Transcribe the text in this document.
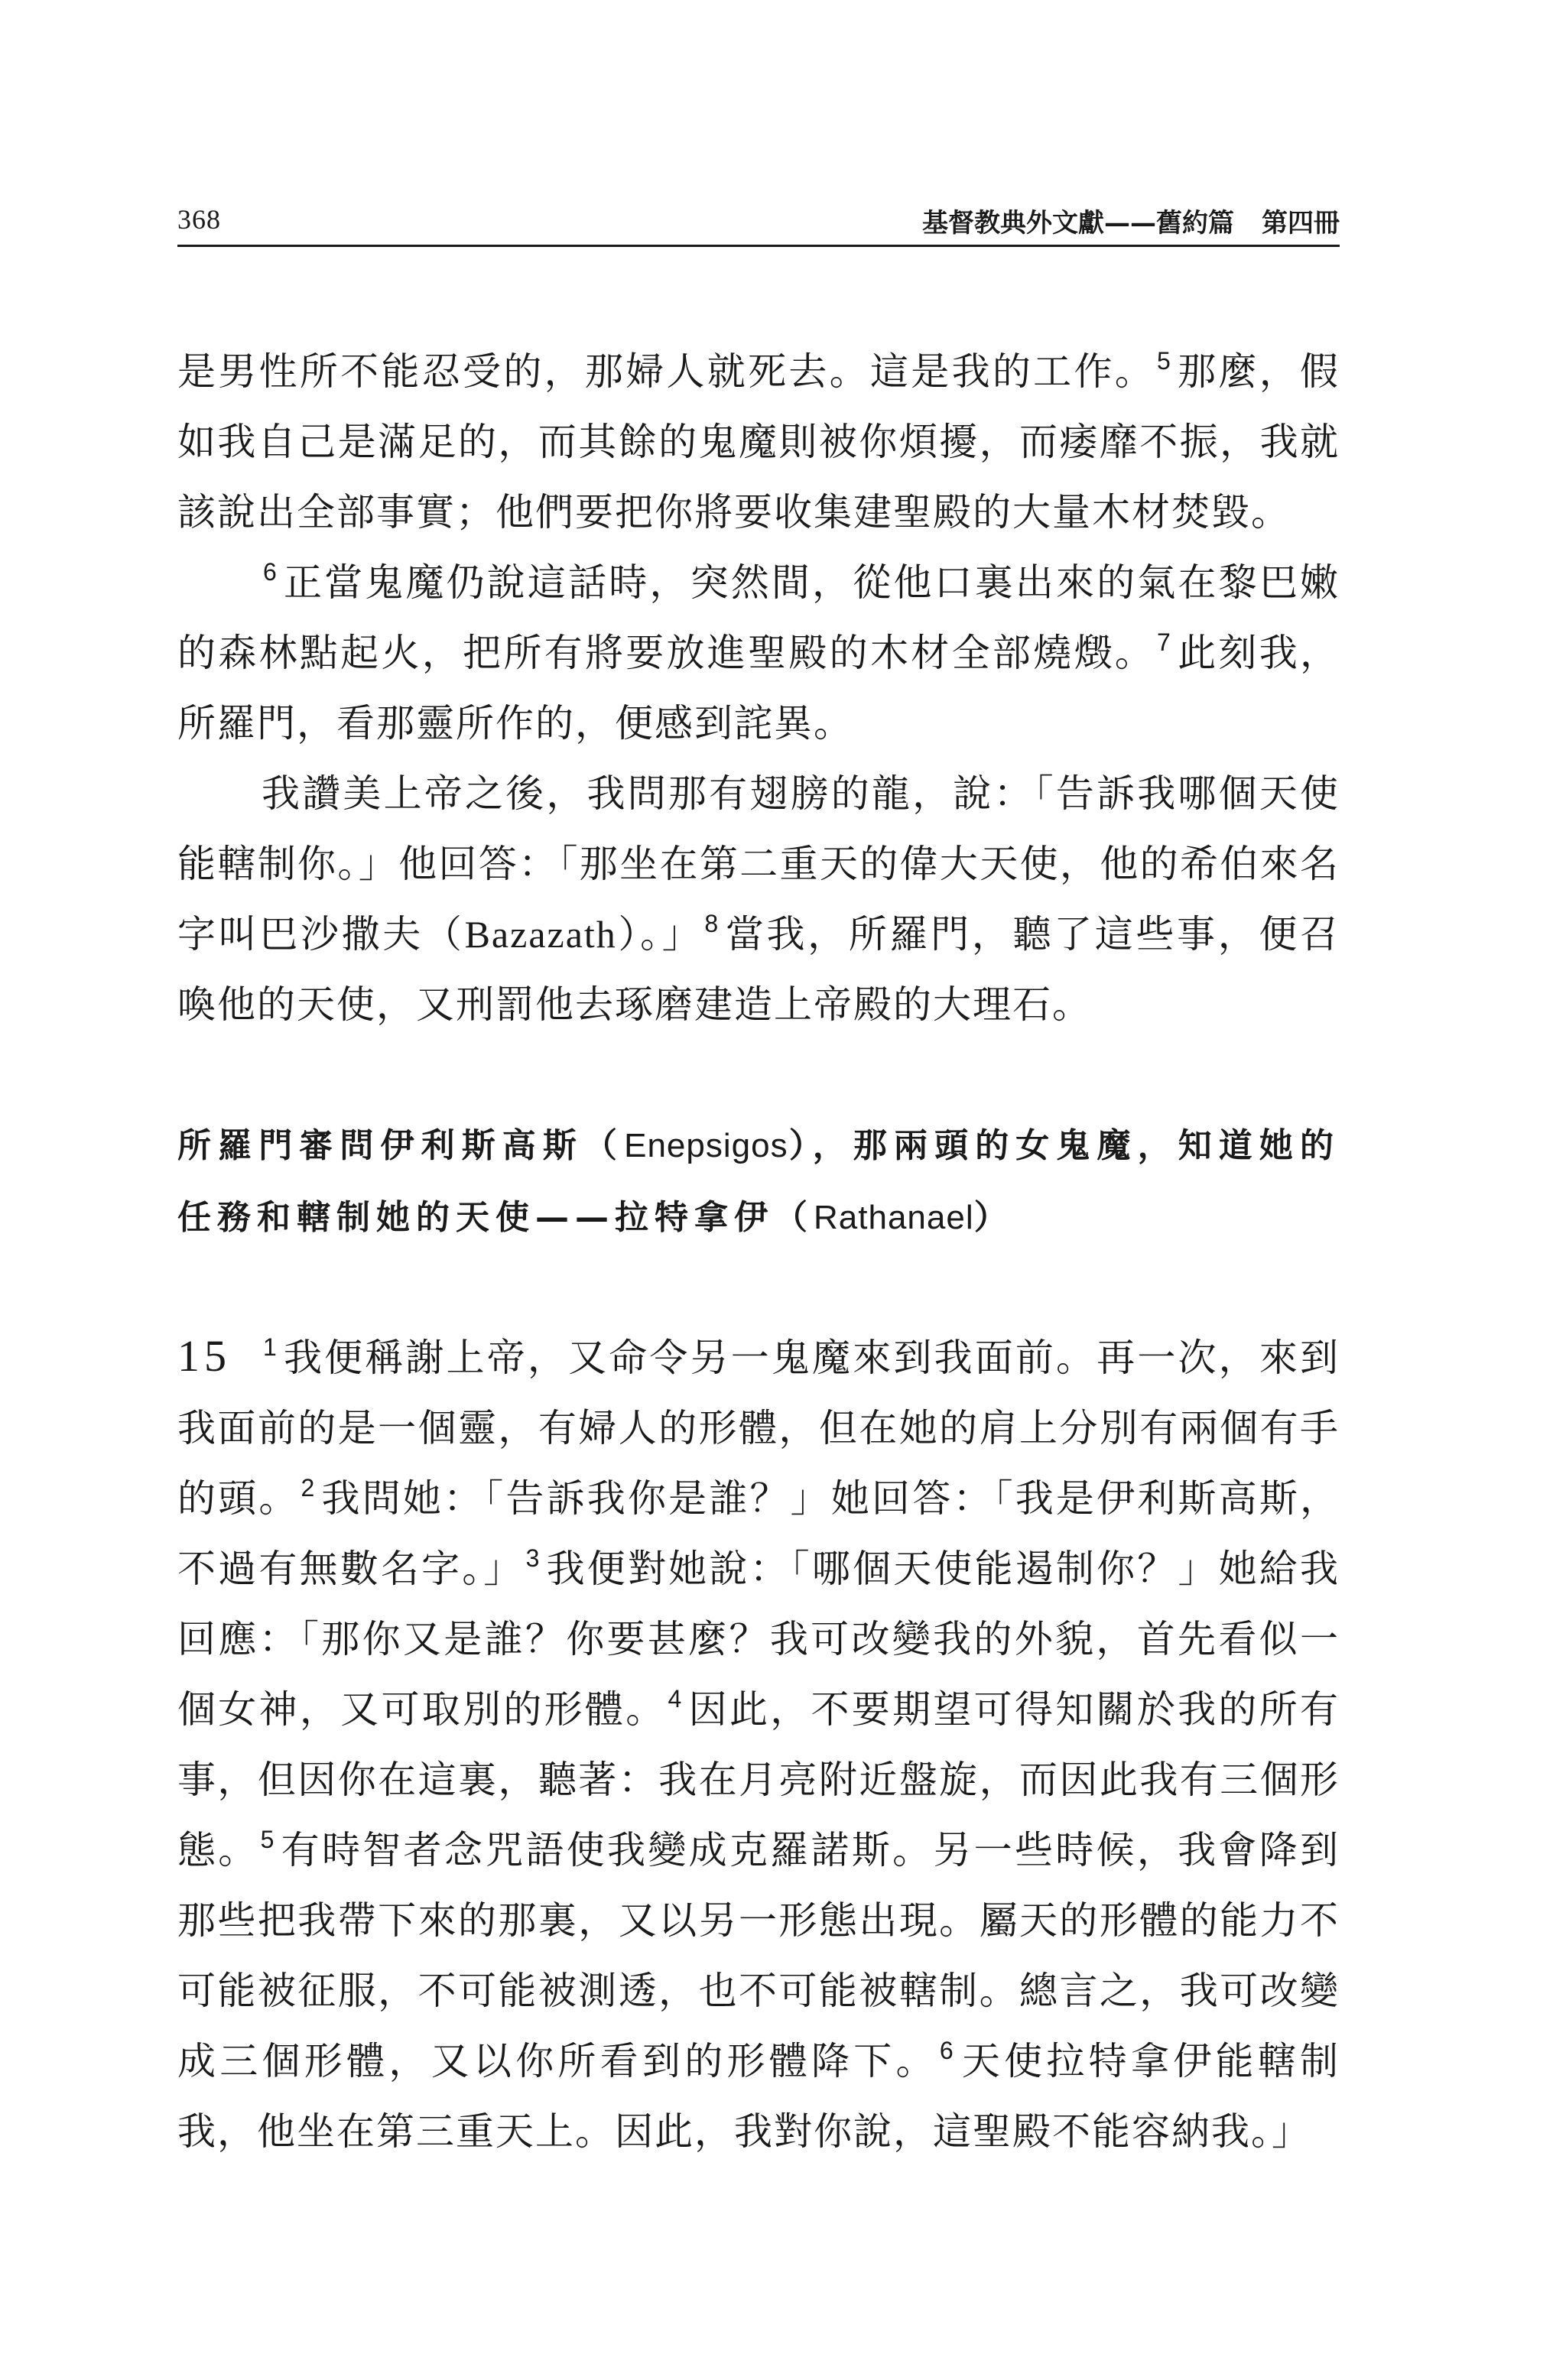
368	基督教典外文獻——舊約篇 第四冊

是男性所不能忍受的，那婦人就死去。這是我的工作。$^5$ 那麼，假如我自己是滿足的，而其餘的鬼魔則被你煩擾，而痿靡不振，我就該說出全部事實；他們要把你將要收集建聖殿的大量木材焚毀。

$^6$ 正當鬼魔仍說這話時，突然間，從他口裏出來的氣在黎巴嫩的森林點起火，把所有將要放進聖殿的木材全部燒燬。$^7$ 此刻我，所羅門，看那靈所作的，便感到詫異。

我讚美上帝之後，我問那有翅膀的龍，說：「告訴我哪個天使能轄制你。」他回答：「那坐在第二重天的偉大天使，他的希伯來名字叫巴沙撒夫（Bazazath）。」$^8$ 當我，所羅門，聽了這些事，便召喚他的天使，又刑罰他去琢磨建造上帝殿的大理石。

所羅門審問伊利斯高斯（Enepsigos），那兩頭的女鬼魔，知道她的任務和轄制她的天使——拉特拿伊（Rathanael）

15 $^1$ 我便稱謝上帝，又命令另一鬼魔來到我面前。再一次，來到我面前的是一個靈，有婦人的形體，但在她的肩上分別有兩個有手的頭。$^2$ 我問她：「告訴我你是誰？」她回答：「我是伊利斯高斯，不過有無數名字。」$^3$ 我便對她說：「哪個天使能遏制你？」她給我回應：「那你又是誰？你要甚麼？我可改變我的外貌，首先看似一個女神，又可取別的形體。$^4$ 因此，不要期望可得知關於我的所有事，但因你在這裏，聽著：我在月亮附近盤旋，而因此我有三個形態。$^5$ 有時智者念咒語使我變成克羅諾斯。另一些時候，我會降到那些把我帶下來的那裏，又以另一形態出現。屬天的形體的能力不可能被征服，不可能被測透，也不可能被轄制。總言之，我可改變成三個形體，又以你所看到的形體降下。$^6$ 天使拉特拿伊能轄制我，他坐在第三重天上。因此，我對你說，這聖殿不能容納我。」
